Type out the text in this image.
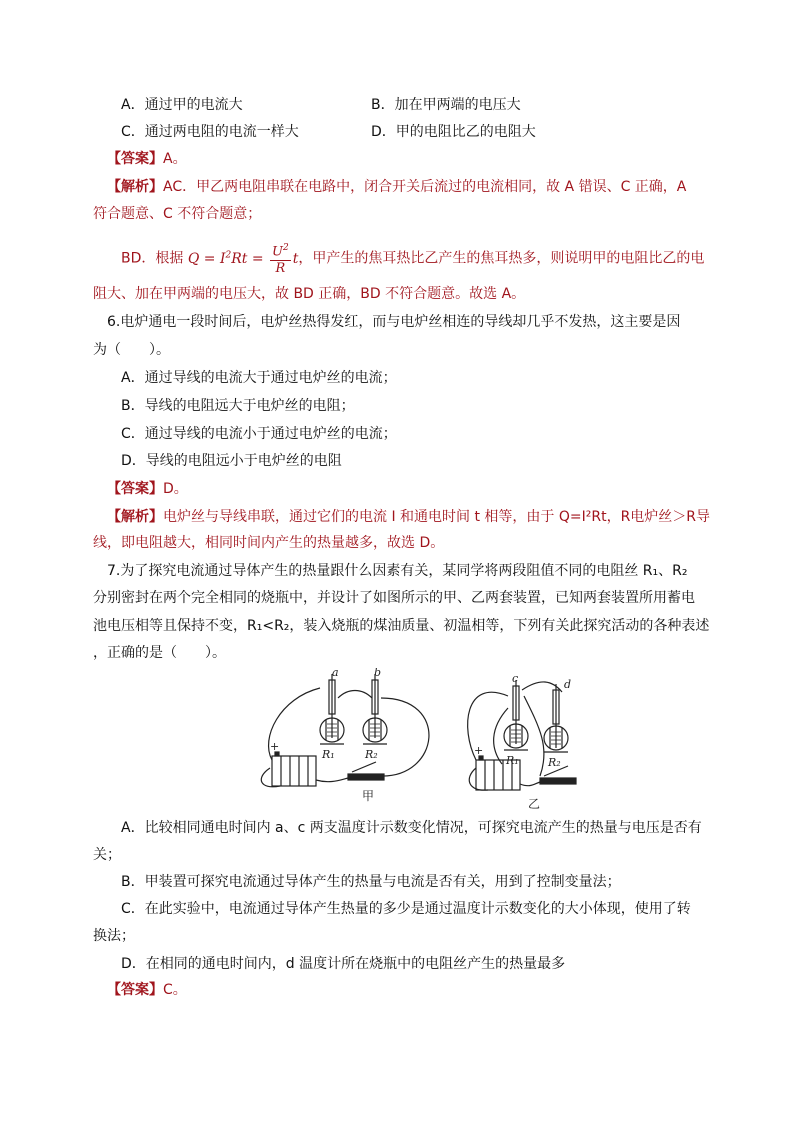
A．通过甲的电流大	B．加在甲两端的电压大
C．通过两电阻的电流一样大	D．甲的电阻比乙的电阻大
【答案】A。
【解析】AC．甲乙两电阻串联在电路中，闭合开关后流过的电流相同，故 A 错误、C 正确，A
符合题意、C 不符合题意；
BD．根据 $Q = I^2Rt = \frac{U^2}{R}$ t，甲产生的焦耳热比乙产生的焦耳热多，则说明甲的电阻比乙的电
阻大、加在甲两端的电压大，故 BD 正确，BD 不符合题意。故选 A。
6.电炉通电一段时间后，电炉丝热得发红，而与电炉丝相连的导线却几乎不发热，这主要是因
为（　　）。
A．通过导线的电流大于通过电炉丝的电流；
B．导线的电阻远大于电炉丝的电阻；
C．通过导线的电流小于通过电炉丝的电流；
D．导线的电阻远小于电炉丝的电阻
【答案】D。
【解析】电炉丝与导线串联，通过它们的电流 I 和通电时间 t 相等，由于 Q=I²Rt，R电炉丝＞R导
线，即电阻越大，相同时间内产生的热量越多，故选 D。
7.为了探究电流通过导体产生的热量跟什么因素有关，某同学将两段阻值不同的电阻丝 R₁、R₂
分别密封在两个完全相同的烧瓶中，并设计了如图所示的甲、乙两套装置，已知两套装置所用蓄电
池电压相等且保持不变，R₁<R₂，装入烧瓶的煤油质量、初温相等，下列有关此探究活动的各种表述
，正确的是（　　）。
a	b	c	d
R₁	R₂	R₁	R₂
+	+
甲
乙
A．比较相同通电时间内 a、c 两支温度计示数变化情况，可探究电流产生的热量与电压是否有
关；
B．甲装置可探究电流通过导体产生的热量与电流是否有关，用到了控制变量法；
C．在此实验中，电流通过导体产生热量的多少是通过温度计示数变化的大小体现，使用了转
换法；
D．在相同的通电时间内，d 温度计所在烧瓶中的电阻丝产生的热量最多
【答案】C。
